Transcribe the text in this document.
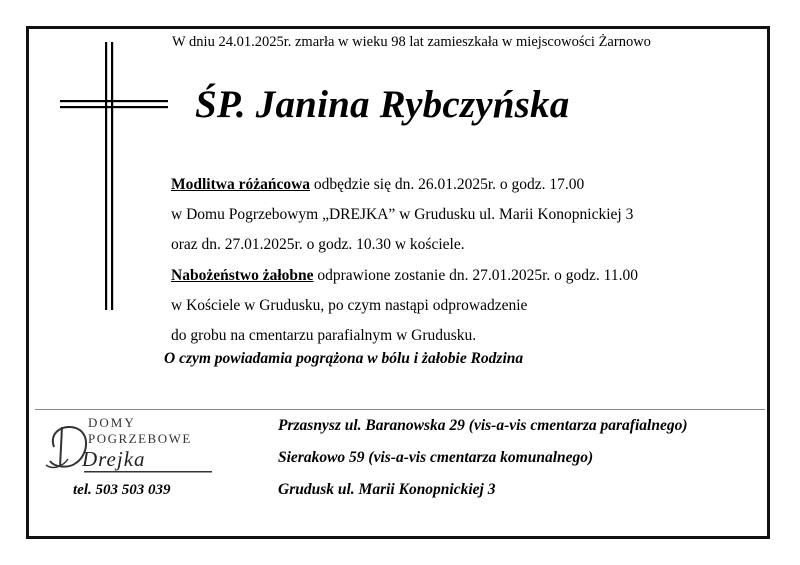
W dniu 24.01.2025r. zmarła w wieku 98 lat zamieszkała w miejscowości Żarnowo
ŚP. Janina Rybczyńska
Modlitwa różańcowa odbędzie się dn. 26.01.2025r. o godz. 17.00
w Domu Pogrzebowym „DREJKA” w Grudusku ul. Marii Konopnickiej 3
oraz dn. 27.01.2025r. o godz. 10.30 w kościele.
Nabożeństwo żałobne odprawione zostanie dn. 27.01.2025r. o godz. 11.00
w Kościele w Grudusku, po czym nastąpi odprowadzenie
do grobu na cmentarzu parafialnym w Grudusku.
O czym powiadamia pogrążona w bólu i żałobie Rodzina
DOMY
POGRZEBOWE
Drejka
tel. 503 503 039
Przasnysz ul. Baranowska 29 (vis-a-vis cmentarza parafialnego)
Sierakowo 59 (vis-a-vis cmentarza komunalnego)
Grudusk ul. Marii Konopnickiej 3
